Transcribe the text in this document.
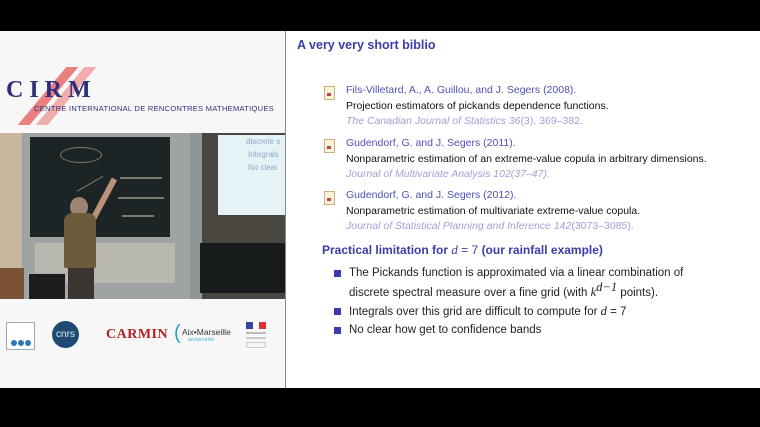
CIRM
CENTRE INTERNATIONAL DE RENCONTRES MATHEMATIQUES
discrete s
Integrals
No clear
cnrs CARMIN ( Aix•Marseille
université
A very very short biblio
Fils-Villetard, A., A. Guillou, and J. Segers (2008).
Projection estimators of pickands dependence functions.
The Canadian Journal of Statistics 36(3), 369–382.
Gudendorf, G. and J. Segers (2011).
Nonparametric estimation of an extreme-value copula in arbitrary dimensions.
Journal of Multivariate Analysis 102(37–47).
Gudendorf, G. and J. Segers (2012).
Nonparametric estimation of multivariate extreme-value copula.
Journal of Statistical Planning and Inference 142(3073–3085).
Practical limitation for d = 7 (our rainfall example)
The Pickands function is approximated via a linear combination of
discrete spectral measure over a fine grid (with $k^{d-1}$ points).
Integrals over this grid are difficult to compute for d = 7
No clear how get to confidence bands
